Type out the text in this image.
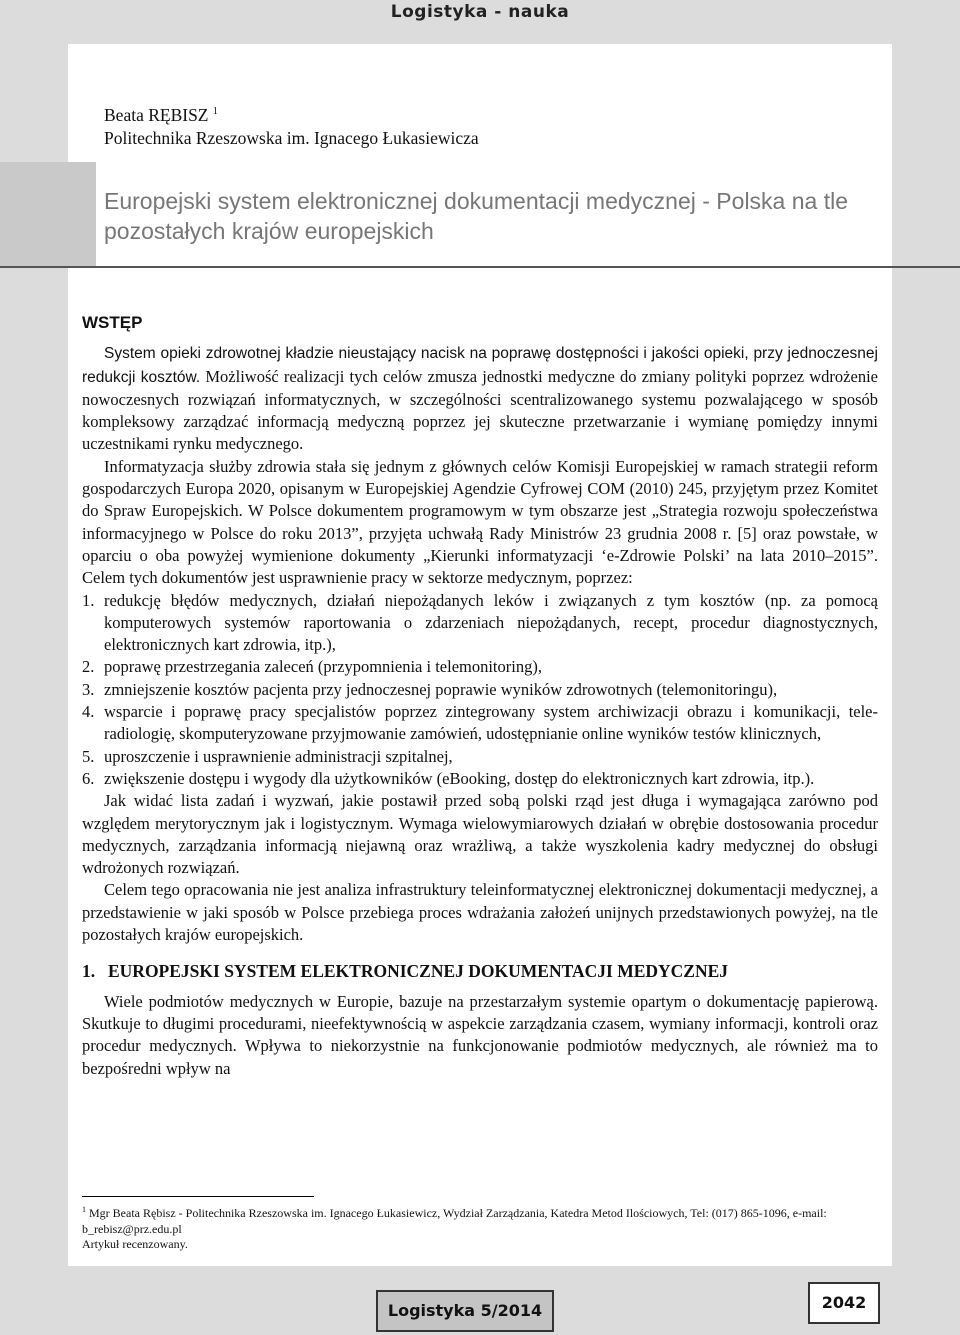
Logistyka - nauka
Beata RĘBISZ $^1$
Politechnika Rzeszowska im. Ignacego Łukasiewicza
Europejski system elektronicznej dokumentacji medycznej - Polska na tle pozostałych krajów europejskich
WSTĘP

System opieki zdrowotnej kładzie nieustający nacisk na poprawę dostępności i jakości opieki, przy jednoczesnej redukcji kosztów. Możliwość realizacji tych celów zmusza jednostki medyczne do zmiany polityki poprzez wdrożenie nowoczesnych rozwiązań informatycznych, w szczególności scentralizowanego systemu pozwalającego w sposób kompleksowy zarządzać informacją medyczną poprzez jej skuteczne przetwarzanie i wymianę pomiędzy innymi uczestnikami rynku medycznego.

Informatyzacja służby zdrowia stała się jednym z głównych celów Komisji Europejskiej w ramach strategii reform gospodarczych Europa 2020, opisanym w Europejskiej Agendzie Cyfrowej COM (2010) 245, przyjętym przez Komitet do Spraw Europejskich. W Polsce dokumentem programowym w tym obszarze jest „Strategia rozwoju społeczeństwa informacyjnego w Polsce do roku 2013”, przyjęta uchwałą Rady Ministrów 23 grudnia 2008 r. [5] oraz powstałe, w oparciu o oba powyżej wymienione dokumenty „Kierunki informatyzacji ‘e-Zdrowie Polski’ na lata 2010–2015”. Celem tych dokumentów jest usprawnienie pracy w sektorze medycznym, poprzez:

1. redukcję błędów medycznych, działań niepożądanych leków i związanych z tym kosztów (np. za pomocą komputerowych systemów raportowania o zdarzeniach niepożądanych, recept, procedur diagnostycznych, elektronicznych kart zdrowia, itp.),
2. poprawę przestrzegania zaleceń (przypomnienia i telemonitoring),
3. zmniejszenie kosztów pacjenta przy jednoczesnej poprawie wyników zdrowotnych (telemonitoringu),
4. wsparcie i poprawę pracy specjalistów poprzez zintegrowany system archiwizacji obrazu i komunikacji, tele-radiologię, skomputeryzowane przyjmowanie zamówień, udostępnianie online wyników testów klinicznych,
5. uproszczenie i usprawnienie administracji szpitalnej,
6. zwiększenie dostępu i wygody dla użytkowników (eBooking, dostęp do elektronicznych kart zdrowia, itp.).

Jak widać lista zadań i wyzwań, jakie postawił przed sobą polski rząd jest długa i wymagająca zarówno pod względem merytorycznym jak i logistycznym. Wymaga wielowymiarowych działań w obrębie dostosowania procedur medycznych, zarządzania informacją niejawną oraz wrażliwą, a także wyszkolenia kadry medycznej do obsługi wdrożonych rozwiązań.

Celem tego opracowania nie jest analiza infrastruktury teleinformatycznej elektronicznej dokumentacji medycznej, a przedstawienie w jaki sposób w Polsce przebiega proces wdrażania założeń unijnych przedstawionych powyżej, na tle pozostałych krajów europejskich.

1. EUROPEJSKI SYSTEM ELEKTRONICZNEJ DOKUMENTACJI MEDYCZNEJ

Wiele podmiotów medycznych w Europie, bazuje na przestarzałym systemie opartym o dokumentację papierową. Skutkuje to długimi procedurami, nieefektywnością w aspekcie zarządzania czasem, wymiany informacji, kontroli oraz procedur medycznych. Wpływa to niekorzystnie na funkcjonowanie podmiotów medycznych, ale również ma to bezpośredni wpływ na

$^1$ Mgr Beata Rębisz - Politechnika Rzeszowska im. Ignacego Łukasiewicz, Wydział Zarządzania, Katedra Metod Ilościowych, Tel: (017) 865-1096, e-mail: b_rebisz@prz.edu.pl
Artykuł recenzowany.
Logistyka 5/2014	2042
